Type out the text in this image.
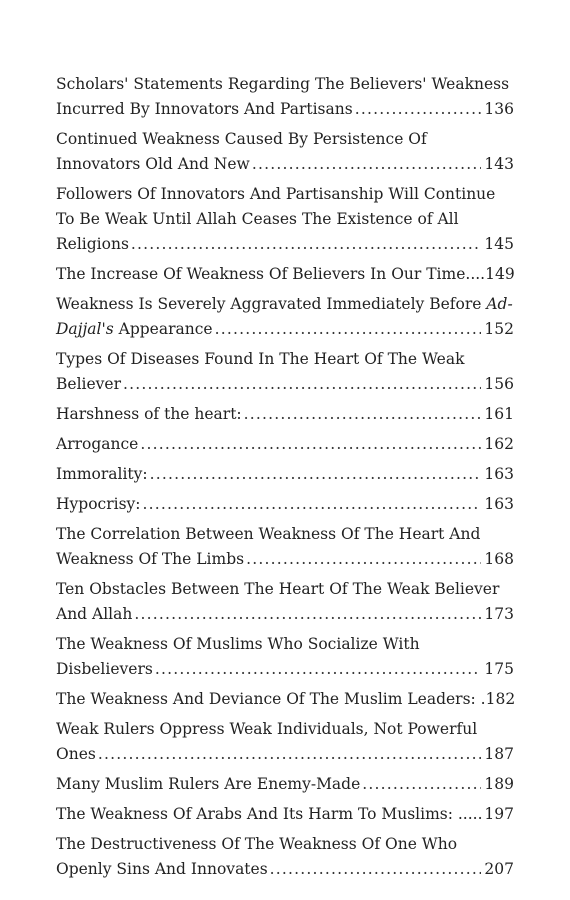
Scholars' Statements Regarding The Believers' Weakness
Incurred By Innovators And Partisans .....	136
Continued Weakness Caused By Persistence Of
Innovators Old And New .....	143
Followers Of Innovators And Partisanship Will Continue
To Be Weak Until Allah Ceases The Existence of All
Religions .....	145
The Increase Of Weakness Of Believers In Our Time.... 149
Weakness Is Severely Aggravated Immediately Before Ad-
Dajjal's Appearance .....	152
Types Of Diseases Found In The Heart Of The Weak
Believer .....	156
Harshness of the heart: .....	161
Arrogance .....	162
Immorality: .....	163
Hypocrisy: .....	163
The Correlation Between Weakness Of The Heart And
Weakness Of The Limbs .....	168
Ten Obstacles Between The Heart Of The Weak Believer
And Allah .....	173
The Weakness Of Muslims Who Socialize With
Disbelievers .....	175
The Weakness And Deviance Of The Muslim Leaders: . 182
Weak Rulers Oppress Weak Individuals, Not Powerful
Ones .....	187
Many Muslim Rulers Are Enemy-Made .....	189
The Weakness Of Arabs And Its Harm To Muslims: ..... 197
The Destructiveness Of The Weakness Of One Who
Openly Sins And Innovates .....	207
